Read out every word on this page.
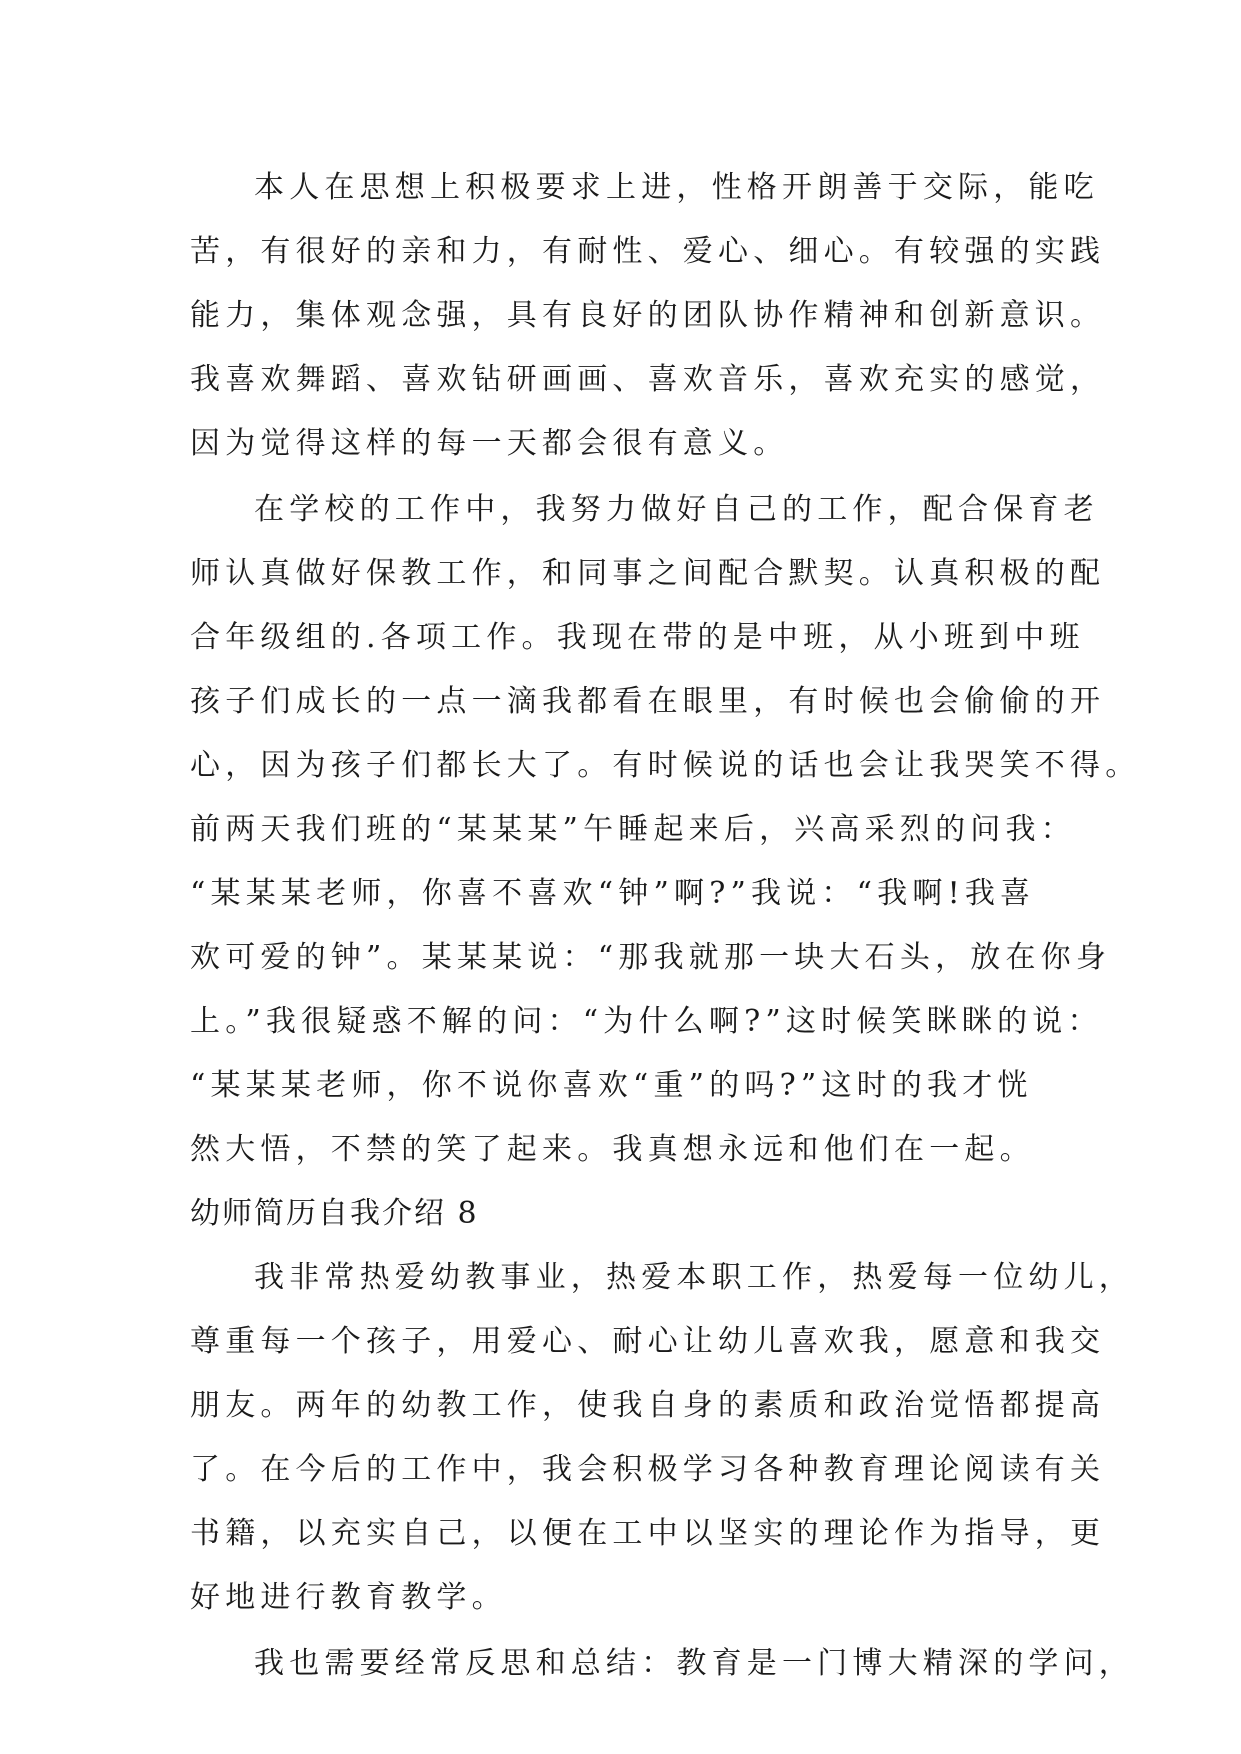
本人在思想上积极要求上进，性格开朗善于交际，能吃
苦，有很好的亲和力，有耐性、爱心、细心。有较强的实践
能力，集体观念强，具有良好的团队协作精神和创新意识。
我喜欢舞蹈、喜欢钻研画画、喜欢音乐，喜欢充实的感觉，
因为觉得这样的每一天都会很有意义。
在学校的工作中，我努力做好自己的工作，配合保育老
师认真做好保教工作，和同事之间配合默契。认真积极的配
合年级组的.各项工作。我现在带的是中班，从小班到中班
孩子们成长的一点一滴我都看在眼里，有时候也会偷偷的开
心，因为孩子们都长大了。有时候说的话也会让我哭笑不得。
前两天我们班的“某某某”午睡起来后，兴高采烈的问我：
“某某某老师，你喜不喜欢“钟”啊?”我说：“我啊!我喜
欢可爱的钟”。某某某说：“那我就那一块大石头，放在你身
上。”我很疑惑不解的问：“为什么啊?”这时候笑眯眯的说：
“某某某老师，你不说你喜欢“重”的吗?”这时的我才恍
然大悟，不禁的笑了起来。我真想永远和他们在一起。
幼师简历自我介绍 8
我非常热爱幼教事业，热爱本职工作，热爱每一位幼儿，
尊重每一个孩子，用爱心、耐心让幼儿喜欢我，愿意和我交
朋友。两年的幼教工作，使我自身的素质和政治觉悟都提高
了。在今后的工作中，我会积极学习各种教育理论阅读有关
书籍，以充实自己，以便在工中以坚实的理论作为指导，更
好地进行教育教学。
我也需要经常反思和总结：教育是一门博大精深的学问，
